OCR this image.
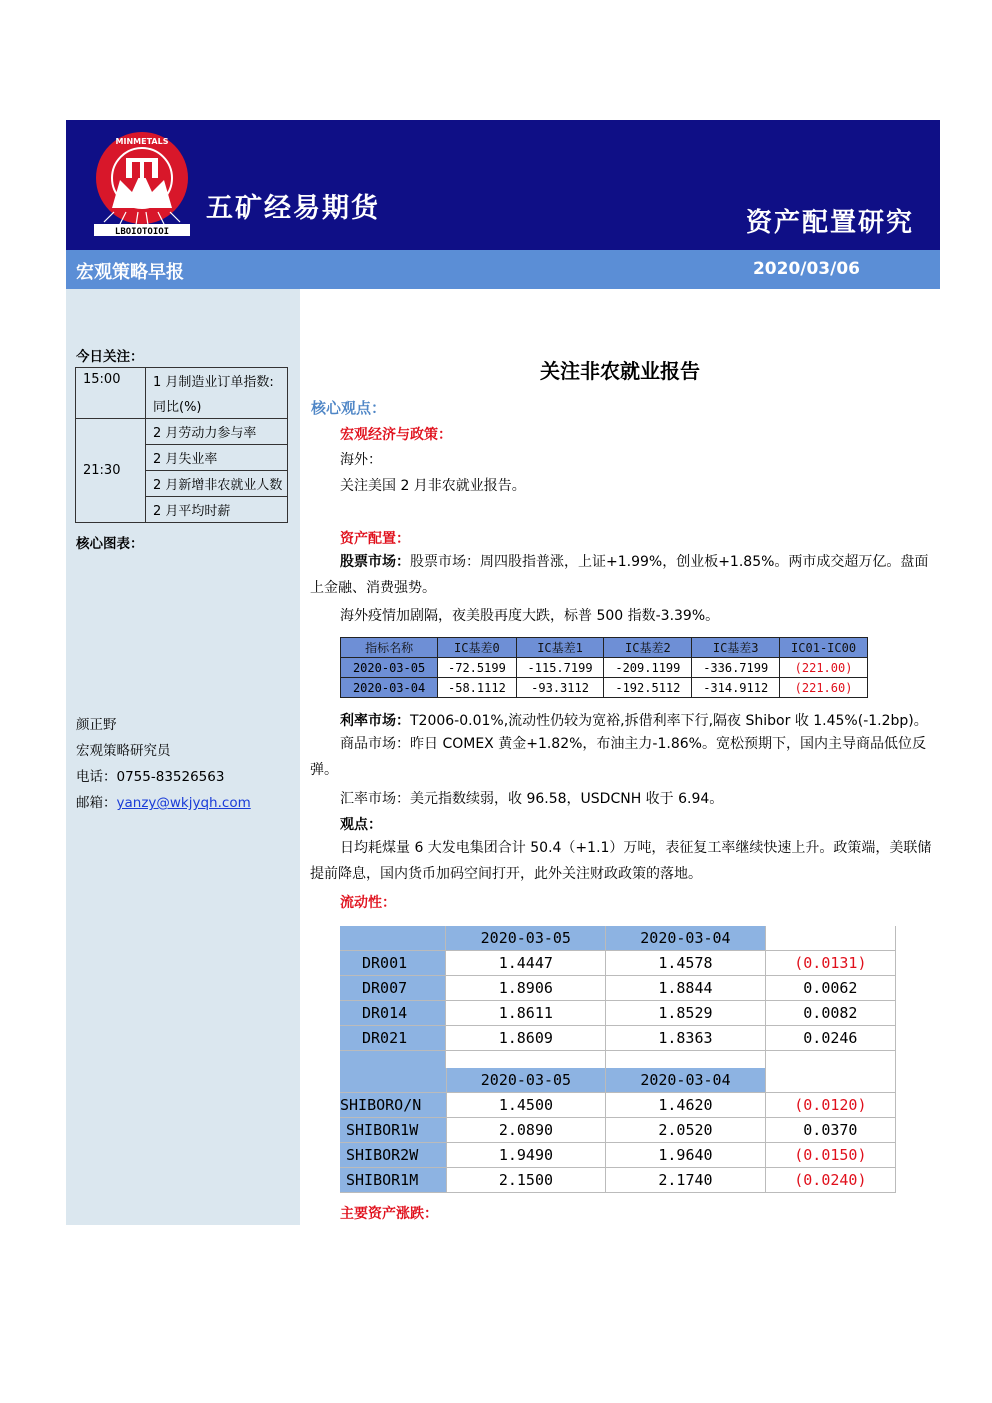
LBOIOTOIOI
MINMETALS
五矿经易期货	资产配置研究
宏观策略早报	2020/03/06
今日关注：
15:00	1 月制造业订单指数:
	同比(%)
21:30	2 月劳动力参与率
	2 月失业率
	2 月新增非农就业人数
	2 月平均时薪
核心图表：
颜正野
宏观策略研究员
电话：0755-83526563
邮箱：yanzy@wkjyqh.com
关注非农就业报告
核心观点：
宏观经济与政策：
海外：
关注美国 2 月非农就业报告。
资产配置：
股票市场：股票市场：周四股指普涨，上证+1.99%，创业板+1.85%。两市成交超万亿。盘面上金融、消费强势。
海外疫情加剧隔，夜美股再度大跌，标普 500 指数-3.39%。
指标名称	IC基差0	IC基差1	IC基差2	IC基差3	IC01-IC00
2020-03-05	-72.5199	-115.7199	-209.1199	-336.7199	(221.00)
2020-03-04	-58.1112	-93.3112	-192.5112	-314.9112	(221.60)
利率市场：T2006-0.01%,流动性仍较为宽裕,拆借利率下行,隔夜 Shibor 收 1.45%(-1.2bp)。
商品市场：昨日 COMEX 黄金+1.82%，布油主力-1.86%。宽松预期下，国内主导商品低位反弹。
汇率市场：美元指数续弱，收 96.58，USDCNH 收于 6.94。
观点：
日均耗煤量 6 大发电集团合计 50.4（+1.1）万吨，表征复工率继续快速上升。政策端，美联储提前降息，国内货币加码空间打开，此外关注财政政策的落地。
流动性：
	2020-03-05	2020-03-04	
DR001	1.4447	1.4578	(0.0131)
DR007	1.8906	1.8844	0.0062
DR014	1.8611	1.8529	0.0082
DR021	1.8609	1.8363	0.0246

	2020-03-05	2020-03-04	
SHIBORO/N	1.4500	1.4620	(0.0120)
SHIBOR1W	2.0890	2.0520	0.0370
SHIBOR2W	1.9490	1.9640	(0.0150)
SHIBOR1M	2.1500	2.1740	(0.0240)
主要资产涨跌：
